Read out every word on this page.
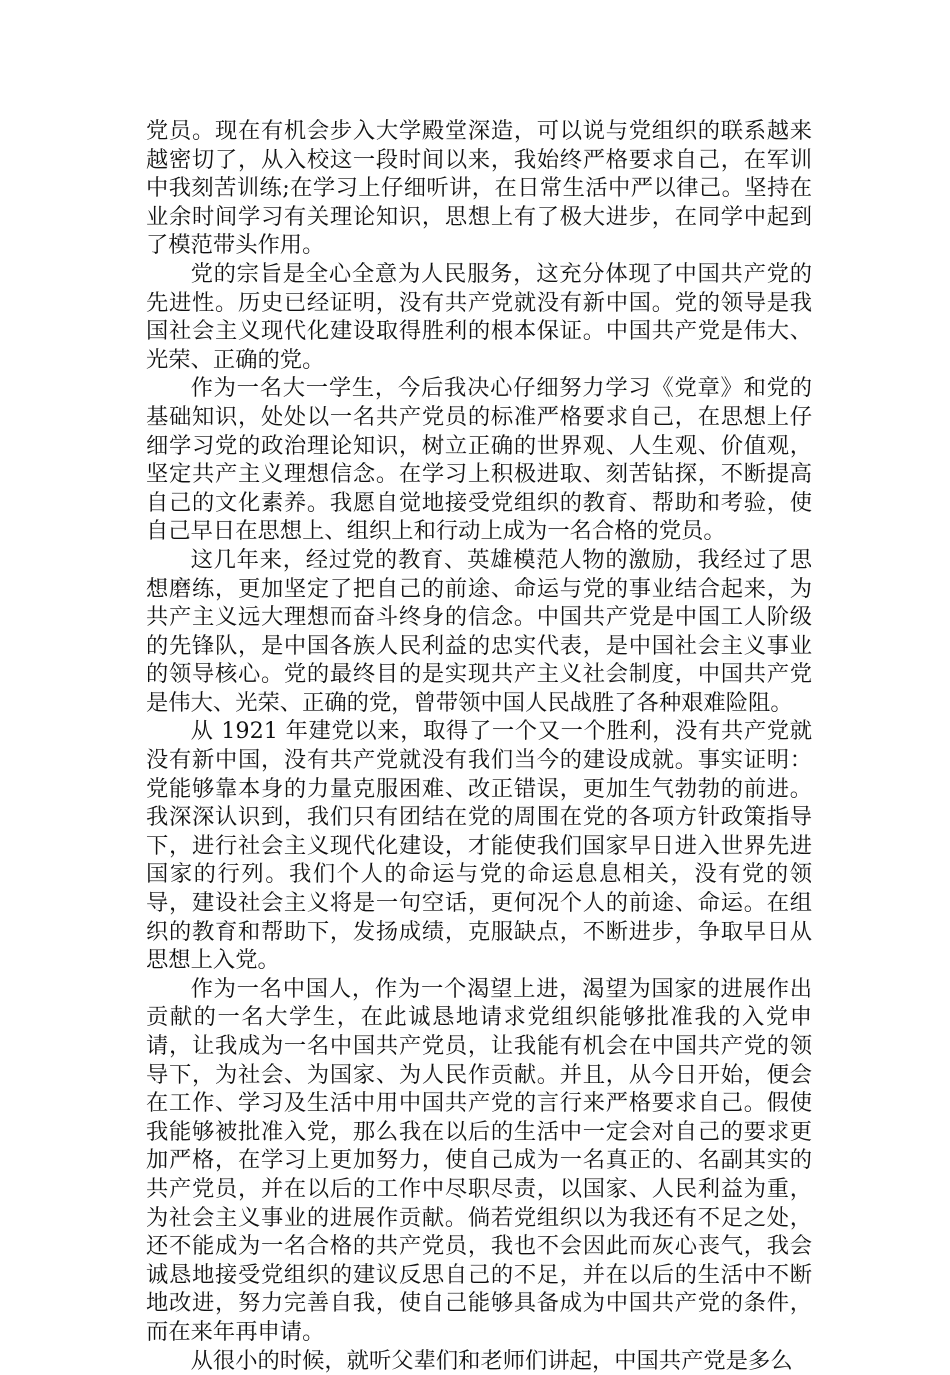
党员。现在有机会步入大学殿堂深造，可以说与党组织的联系越来越密切了，从入校这一段时间以来，我始终严格要求自己，在军训中我刻苦训练;在学习上仔细听讲，在日常生活中严以律己。坚持在业余时间学习有关理论知识，思想上有了极大进步，在同学中起到了模范带头作用。

党的宗旨是全心全意为人民服务，这充分体现了中国共产党的先进性。历史已经证明，没有共产党就没有新中国。党的领导是我国社会主义现代化建设取得胜利的根本保证。中国共产党是伟大、光荣、正确的党。

作为一名大一学生，今后我决心仔细努力学习《党章》和党的基础知识，处处以一名共产党员的标准严格要求自己，在思想上仔细学习党的政治理论知识，树立正确的世界观、人生观、价值观，坚定共产主义理想信念。在学习上积极进取、刻苦钻探，不断提高自己的文化素养。我愿自觉地接受党组织的教育、帮助和考验，使自己早日在思想上、组织上和行动上成为一名合格的党员。

这几年来，经过党的教育、英雄模范人物的激励，我经过了思想磨练，更加坚定了把自己的前途、命运与党的事业结合起来，为共产主义远大理想而奋斗终身的信念。中国共产党是中国工人阶级的先锋队，是中国各族人民利益的忠实代表，是中国社会主义事业的领导核心。党的最终目的是实现共产主义社会制度，中国共产党是伟大、光荣、正确的党，曾带领中国人民战胜了各种艰难险阻。

从 1921 年建党以来，取得了一个又一个胜利，没有共产党就没有新中国，没有共产党就没有我们当今的建设成就。事实证明：党能够靠本身的力量克服困难、改正错误，更加生气勃勃的前进。我深深认识到，我们只有团结在党的周围在党的各项方针政策指导下，进行社会主义现代化建设，才能使我们国家早日进入世界先进国家的行列。我们个人的命运与党的命运息息相关，没有党的领导，建设社会主义将是一句空话，更何况个人的前途、命运。在组织的教育和帮助下，发扬成绩，克服缺点，不断进步，争取早日从思想上入党。

作为一名中国人，作为一个渴望上进，渴望为国家的进展作出贡献的一名大学生，在此诚恳地请求党组织能够批准我的入党申请，让我成为一名中国共产党员，让我能有机会在中国共产党的领导下，为社会、为国家、为人民作贡献。并且，从今日开始，便会在工作、学习及生活中用中国共产党的言行来严格要求自己。假使我能够被批准入党，那么我在以后的生活中一定会对自己的要求更加严格，在学习上更加努力，使自己成为一名真正的、名副其实的共产党员，并在以后的工作中尽职尽责，以国家、人民利益为重，为社会主义事业的进展作贡献。倘若党组织以为我还有不足之处，还不能成为一名合格的共产党员，我也不会因此而灰心丧气，我会诚恳地接受党组织的建议反思自己的不足，并在以后的生活中不断地改进，努力完善自我，使自己能够具备成为中国共产党的条件，而在来年再申请。

从很小的时候，就听父辈们和老师们讲起，中国共产党是多么
